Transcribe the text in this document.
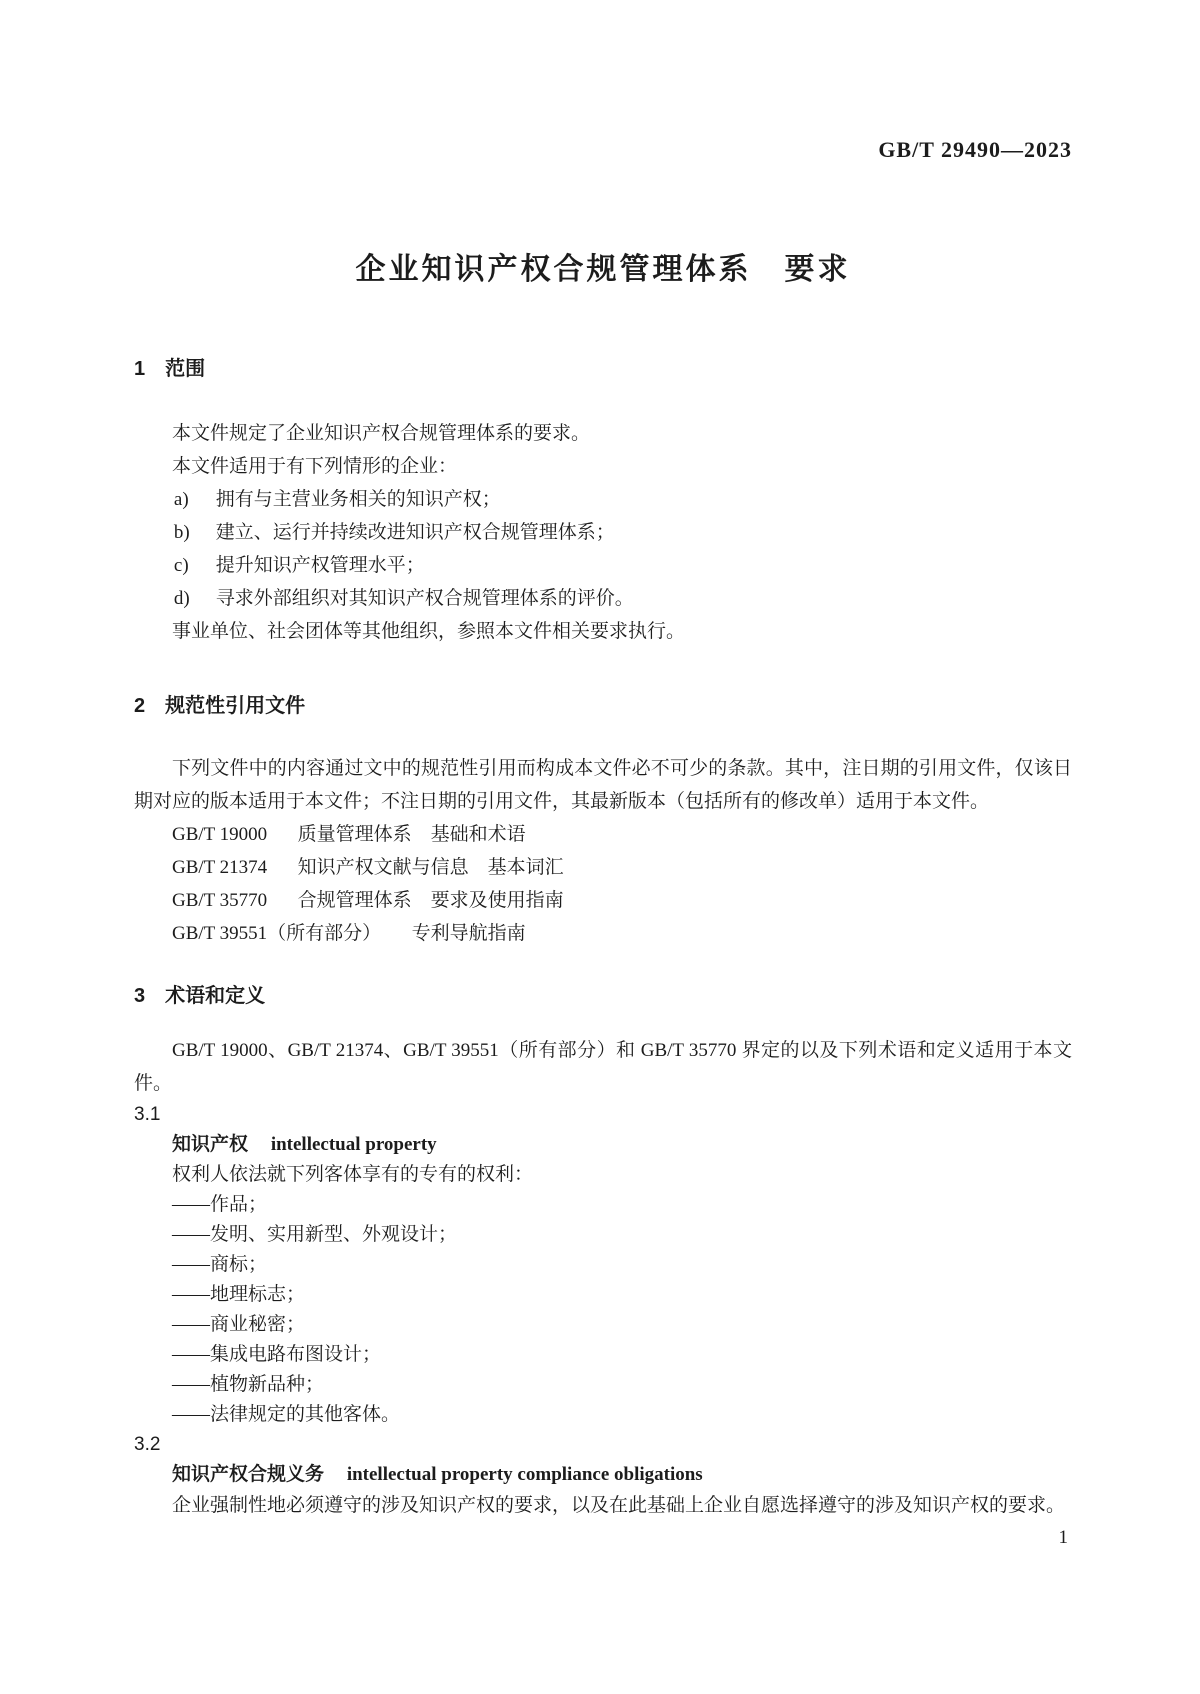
GB/T 29490—2023
企业知识产权合规管理体系　要求
1 范围

本文件规定了企业知识产权合规管理体系的要求。

本文件适用于有下列情形的企业：

a) 拥有与主营业务相关的知识产权；
b) 建立、运行并持续改进知识产权合规管理体系；
c) 提升知识产权管理水平；
d) 寻求外部组织对其知识产权合规管理体系的评价。

事业单位、社会团体等其他组织，参照本文件相关要求执行。

2 规范性引用文件

下列文件中的内容通过文中的规范性引用而构成本文件必不可少的条款。其中，注日期的引用文件，仅该日期对应的版本适用于本文件；不注日期的引用文件，其最新版本（包括所有的修改单）适用于本文件。

GB/T 19000 质量管理体系　基础和术语
GB/T 21374 知识产权文献与信息　基本词汇
GB/T 35770 合规管理体系　要求及使用指南
GB/T 39551（所有部分） 专利导航指南
3 术语和定义

GB/T 19000、GB/T 21374、GB/T 39551（所有部分）和 GB/T 35770 界定的以及下列术语和定义适用于本文件。

3.1
知识产权 intellectual property

权利人依法就下列客体享有的专有的权利：

——作品；
——发明、实用新型、外观设计；
——商标；
——地理标志；
——商业秘密；
——集成电路布图设计；
——植物新品种；
——法律规定的其他客体。
3.2
知识产权合规义务 intellectual property compliance obligations

企业强制性地必须遵守的涉及知识产权的要求，以及在此基础上企业自愿选择遵守的涉及知识产权的要求。

1
